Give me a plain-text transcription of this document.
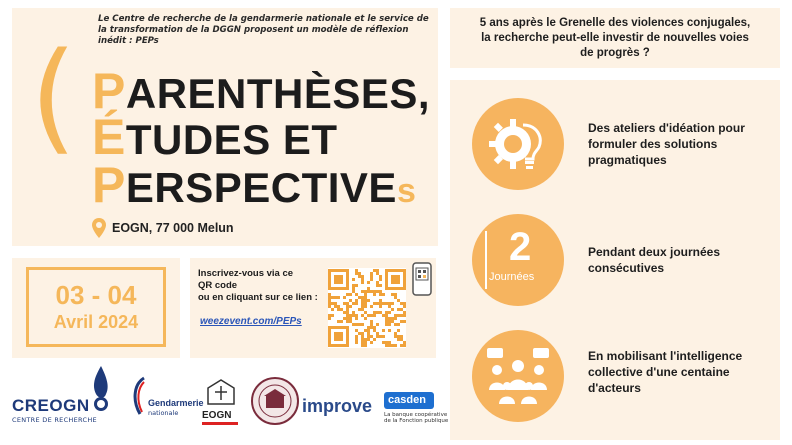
Le Centre de recherche de la gendarmerie nationale et le service de la transformation de la DGGN proposent un modèle de réflexion inédit : PEPs
( PARENTHÈSES,
ÉTUDES ET
PERSPECTIVEs
EOGN, 77 000 Melun
03 - 04
Avril 2024
Inscrivez-vous via ce
QR code
ou en cliquant sur ce lien :
weezevent.com/PEPs
CREOGN
CENTRE DE RECHERCHE
Gendarmerie
nationale EOGN	improve	casden
La banque coopérative
de la Fonction publique
5 ans après le Grenelle des violences conjugales,
la recherche peut-elle investir de nouvelles voies
de progrès ?
Des ateliers d'idéation pour formuler des solutions pragmatiques
2
Journées
Pendant deux journées consécutives
En mobilisant l'intelligence collective d'une centaine d'acteurs
